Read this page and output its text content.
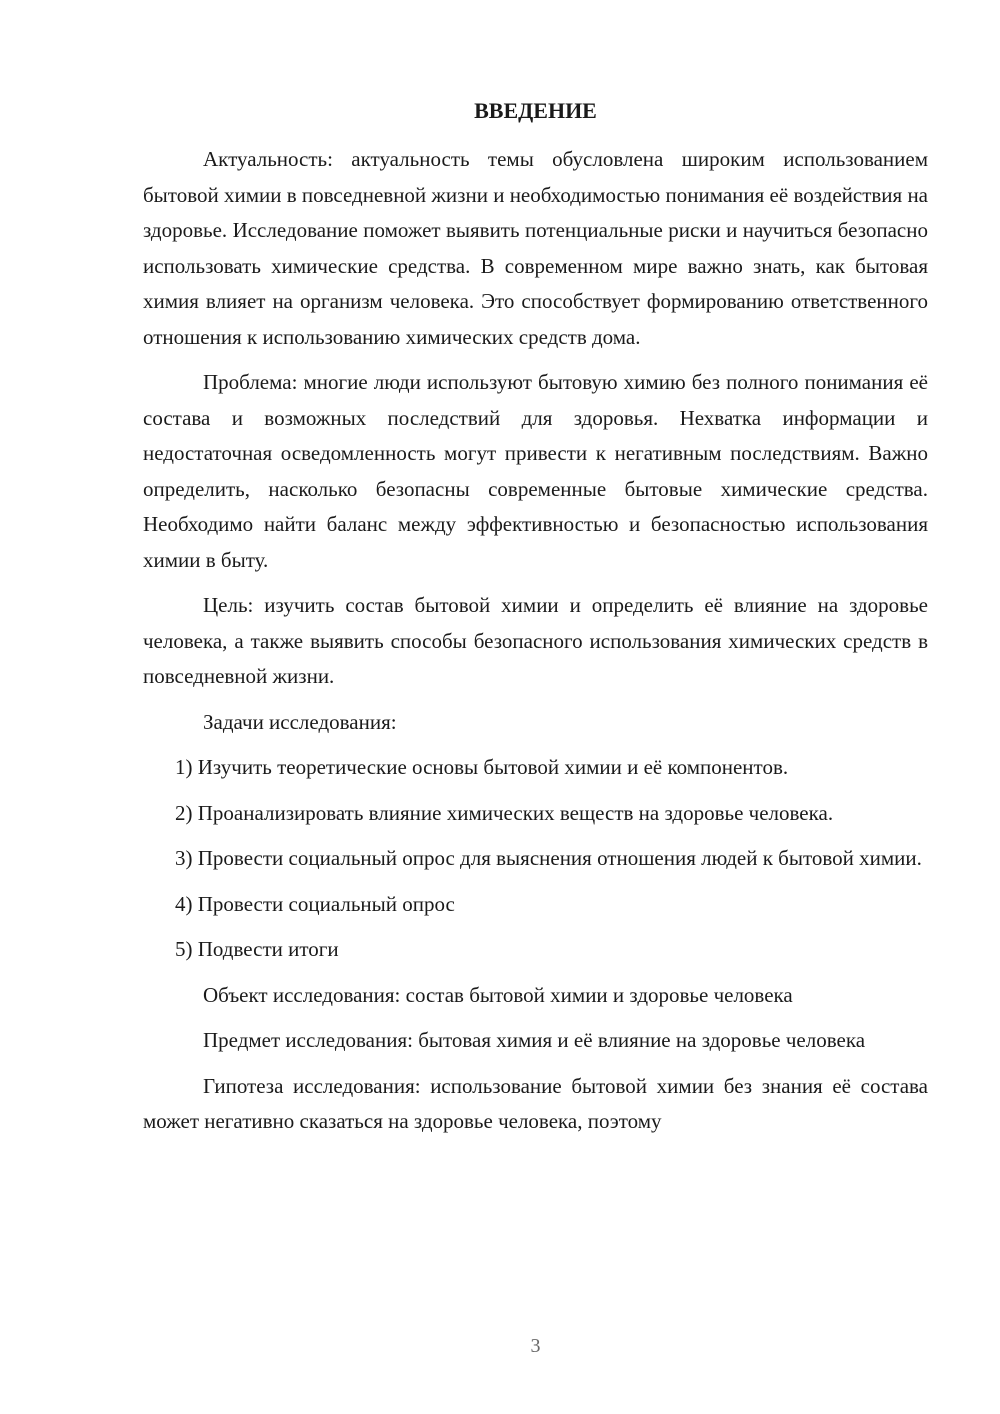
ВВЕДЕНИЕ

Актуальность: актуальность темы обусловлена широким использованием бытовой химии в повседневной жизни и необходимостью понимания её воздействия на здоровье. Исследование поможет выявить потенциальные риски и научиться безопасно использовать химические средства. В современном мире важно знать, как бытовая химия влияет на организм человека. Это способствует формированию ответственного отношения к использованию химических средств дома.

Проблема: многие люди используют бытовую химию без полного понимания её состава и возможных последствий для здоровья. Нехватка информации и недостаточная осведомленность могут привести к негативным последствиям. Важно определить, насколько безопасны современные бытовые химические средства. Необходимо найти баланс между эффективностью и безопасностью использования химии в быту.

Цель: изучить состав бытовой химии и определить её влияние на здоровье человека, а также выявить способы безопасного использования химических средств в повседневной жизни.

Задачи исследования:

1) Изучить теоретические основы бытовой химии и её компонентов.

2) Проанализировать влияние химических веществ на здоровье человека.

3) Провести социальный опрос для выяснения отношения людей к бытовой химии.

4) Провести социальный опрос

5) Подвести итоги

Объект исследования: состав бытовой химии и здоровье человека

Предмет исследования: бытовая химия и её влияние на здоровье человека

Гипотеза исследования: использование бытовой химии без знания её состава может негативно сказаться на здоровье человека, поэтому

3
